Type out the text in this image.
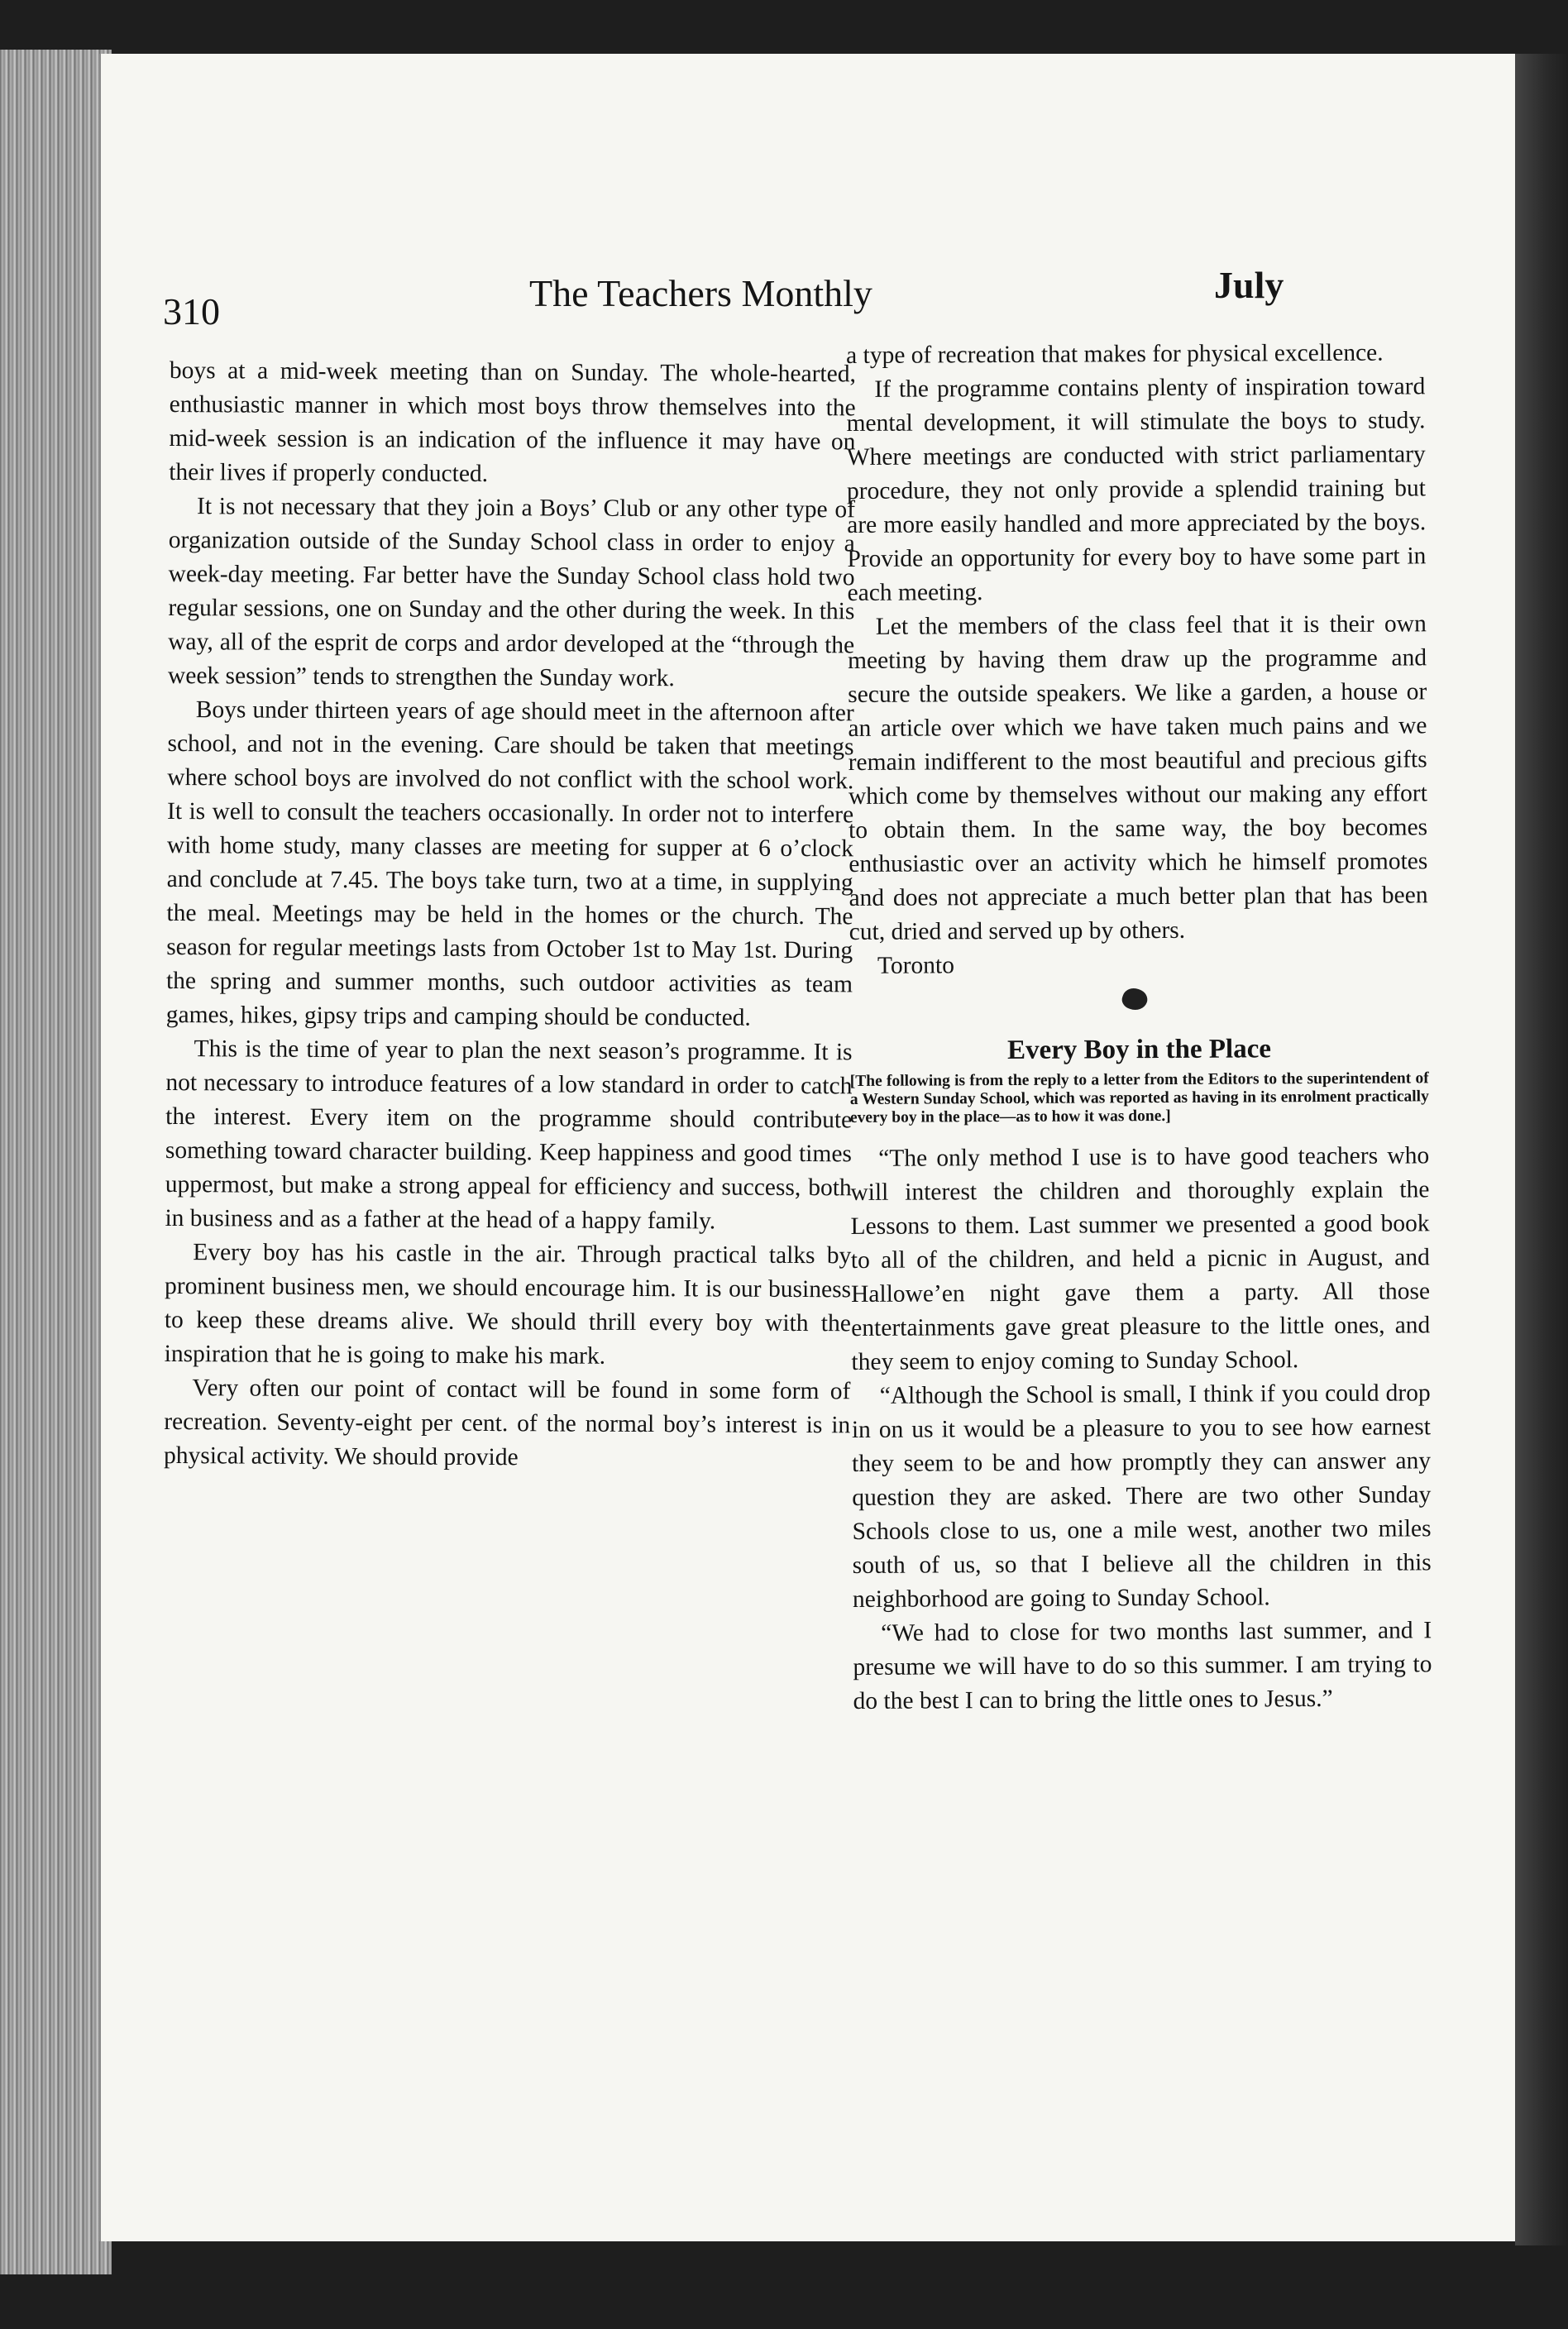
310	The Teachers Monthly	July

boys at a mid-week meeting than on Sunday. The whole-hearted, enthusiastic manner in which most boys throw themselves into the mid-week session is an indication of the influence it may have on their lives if properly conducted.

It is not necessary that they join a Boys’ Club or any other type of organization outside of the Sunday School class in order to enjoy a week-day meeting. Far better have the Sunday School class hold two regular sessions, one on Sunday and the other during the week. In this way, all of the esprit de corps and ardor developed at the “through the week session” tends to strengthen the Sunday work.

Boys under thirteen years of age should meet in the afternoon after school, and not in the evening. Care should be taken that meetings where school boys are involved do not conflict with the school work. It is well to consult the teachers occasionally. In order not to interfere with home study, many classes are meeting for supper at 6 o’clock and conclude at 7.45. The boys take turn, two at a time, in supplying the meal. Meetings may be held in the homes or the church. The season for regular meetings lasts from October 1st to May 1st. During the spring and summer months, such outdoor activities as team games, hikes, gipsy trips and camping should be conducted.

This is the time of year to plan the next season’s programme. It is not necessary to introduce features of a low standard in order to catch the interest. Every item on the programme should contribute something toward character building. Keep happiness and good times uppermost, but make a strong appeal for efficiency and success, both in business and as a father at the head of a happy family.

Every boy has his castle in the air. Through practical talks by prominent business men, we should encourage him. It is our business to keep these dreams alive. We should thrill every boy with the inspiration that he is going to make his mark.

Very often our point of contact will be found in some form of recreation. Seventy-eight per cent. of the normal boy’s interest is in physical activity. We should provide

a type of recreation that makes for physical excellence.

If the programme contains plenty of inspiration toward mental development, it will stimulate the boys to study. Where meetings are conducted with strict parliamentary procedure, they not only provide a splendid training but are more easily handled and more appreciated by the boys. Provide an opportunity for every boy to have some part in each meeting.

Let the members of the class feel that it is their own meeting by having them draw up the programme and secure the outside speakers. We like a garden, a house or an article over which we have taken much pains and we remain indifferent to the most beautiful and precious gifts which come by themselves without our making any effort to obtain them. In the same way, the boy becomes enthusiastic over an activity which he himself promotes and does not appreciate a much better plan that has been cut, dried and served up by others.

Toronto

Every Boy in the Place

[The following is from the reply to a letter from the Editors to the superintendent of a Western Sunday School, which was reported as having in its enrolment practically every boy in the place—as to how it was done.]

“The only method I use is to have good teachers who will interest the children and thoroughly explain the Lessons to them. Last summer we presented a good book to all of the children, and held a picnic in August, and Hallowe’en night gave them a party. All those entertainments gave great pleasure to the little ones, and they seem to enjoy coming to Sunday School.

“Although the School is small, I think if you could drop in on us it would be a pleasure to you to see how earnest they seem to be and how promptly they can answer any question they are asked. There are two other Sunday Schools close to us, one a mile west, another two miles south of us, so that I believe all the children in this neighborhood are going to Sunday School.

“We had to close for two months last summer, and I presume we will have to do so this summer. I am trying to do the best I can to bring the little ones to Jesus.”
